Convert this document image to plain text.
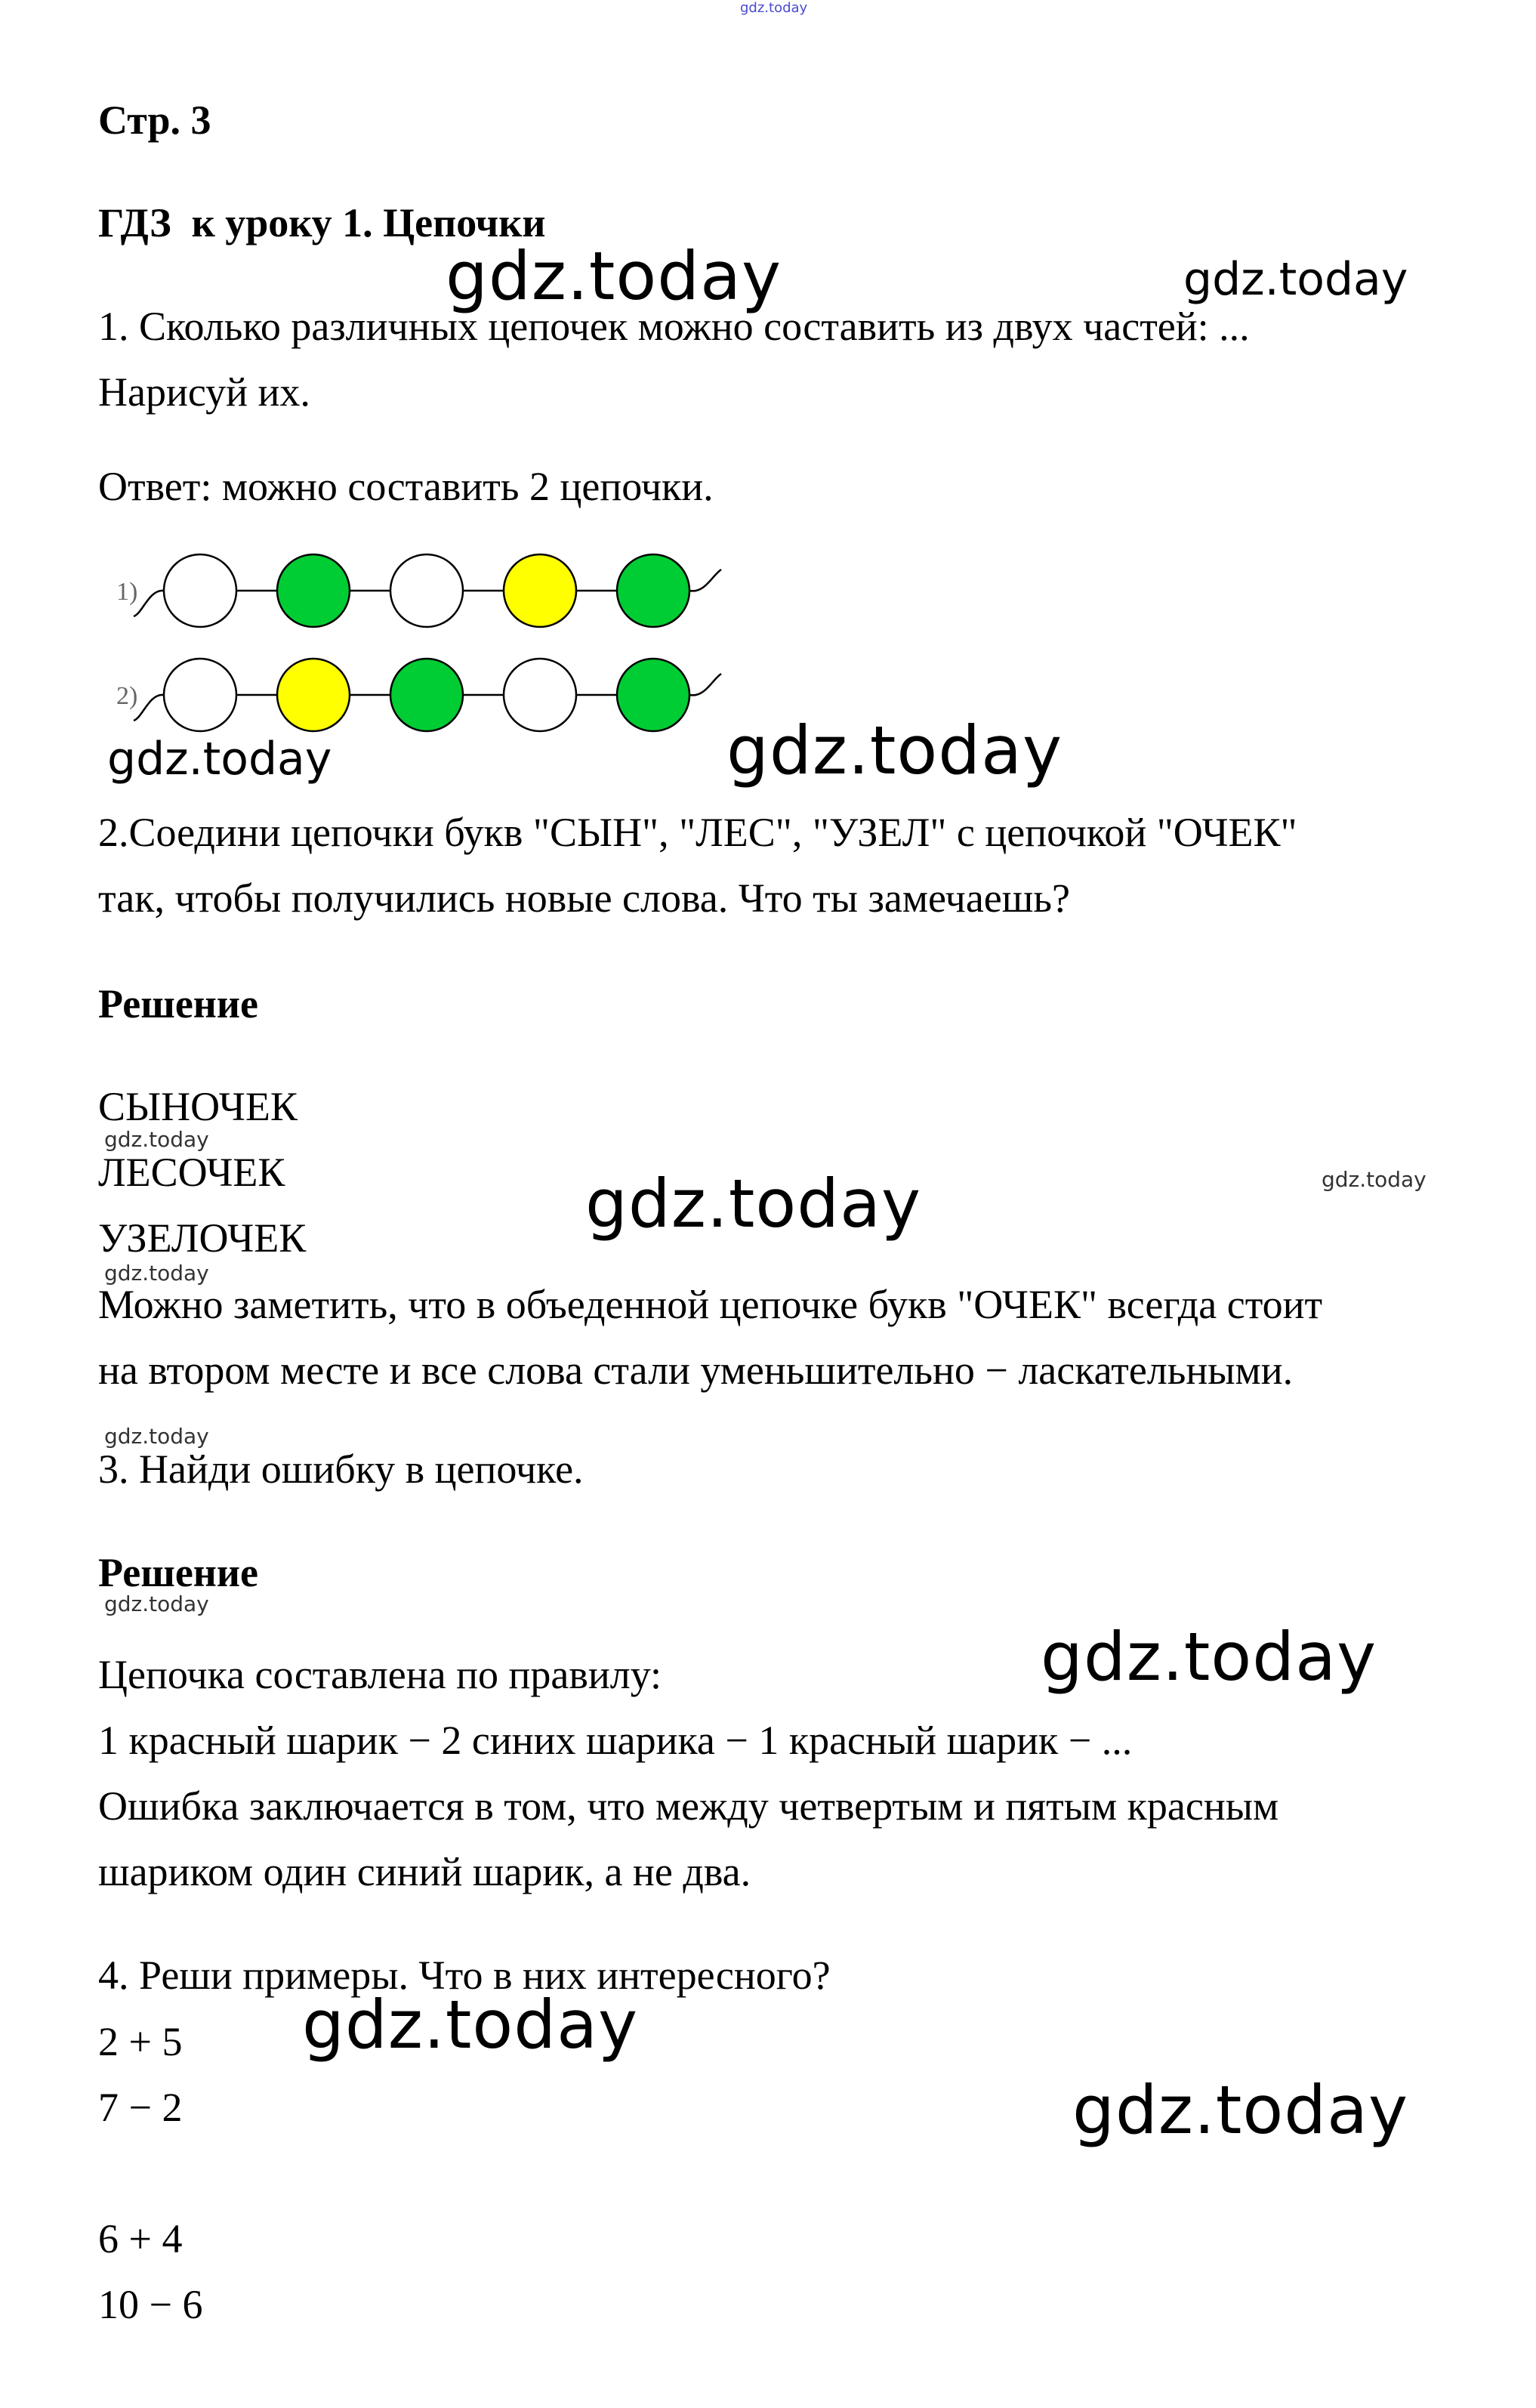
gdz.today
Стр. 3
ГДЗ  к уроку 1. Цепочки
1. Сколько различных цепочек можно составить из двух частей: ...
Нарисуй их.
Ответ: можно составить 2 цепочки.
1)
2)
2.Соедини цепочки букв "СЫН", "ЛЕС", "УЗЕЛ" с цепочкой "ОЧЕК"
так, чтобы получились новые слова. Что ты замечаешь?
Решение
СЫНОЧЕК
ЛЕСОЧЕК
УЗЕЛОЧЕК
Можно заметить, что в объеденной цепочке букв "ОЧЕК" всегда стоит
на втором месте и все слова стали уменьшительно − ласкательными.
3. Найди ошибку в цепочке.
Решение
Цепочка составлена по правилу:
1 красный шарик − 2 синих шарика − 1 красный шарик − ...
Ошибка заключается в том, что между четвертым и пятым красным
шариком один синий шарик, а не два.
4. Реши примеры. Что в них интересного?
2 + 5
7 − 2
6 + 4
10 − 6
gdz.today	gdz.today
gdz.today	gdz.today
gdz.today
gdz.today	gdz.today
gdz.today
gdz.today
gdz.today
gdz.today
gdz.today
gdz.today
